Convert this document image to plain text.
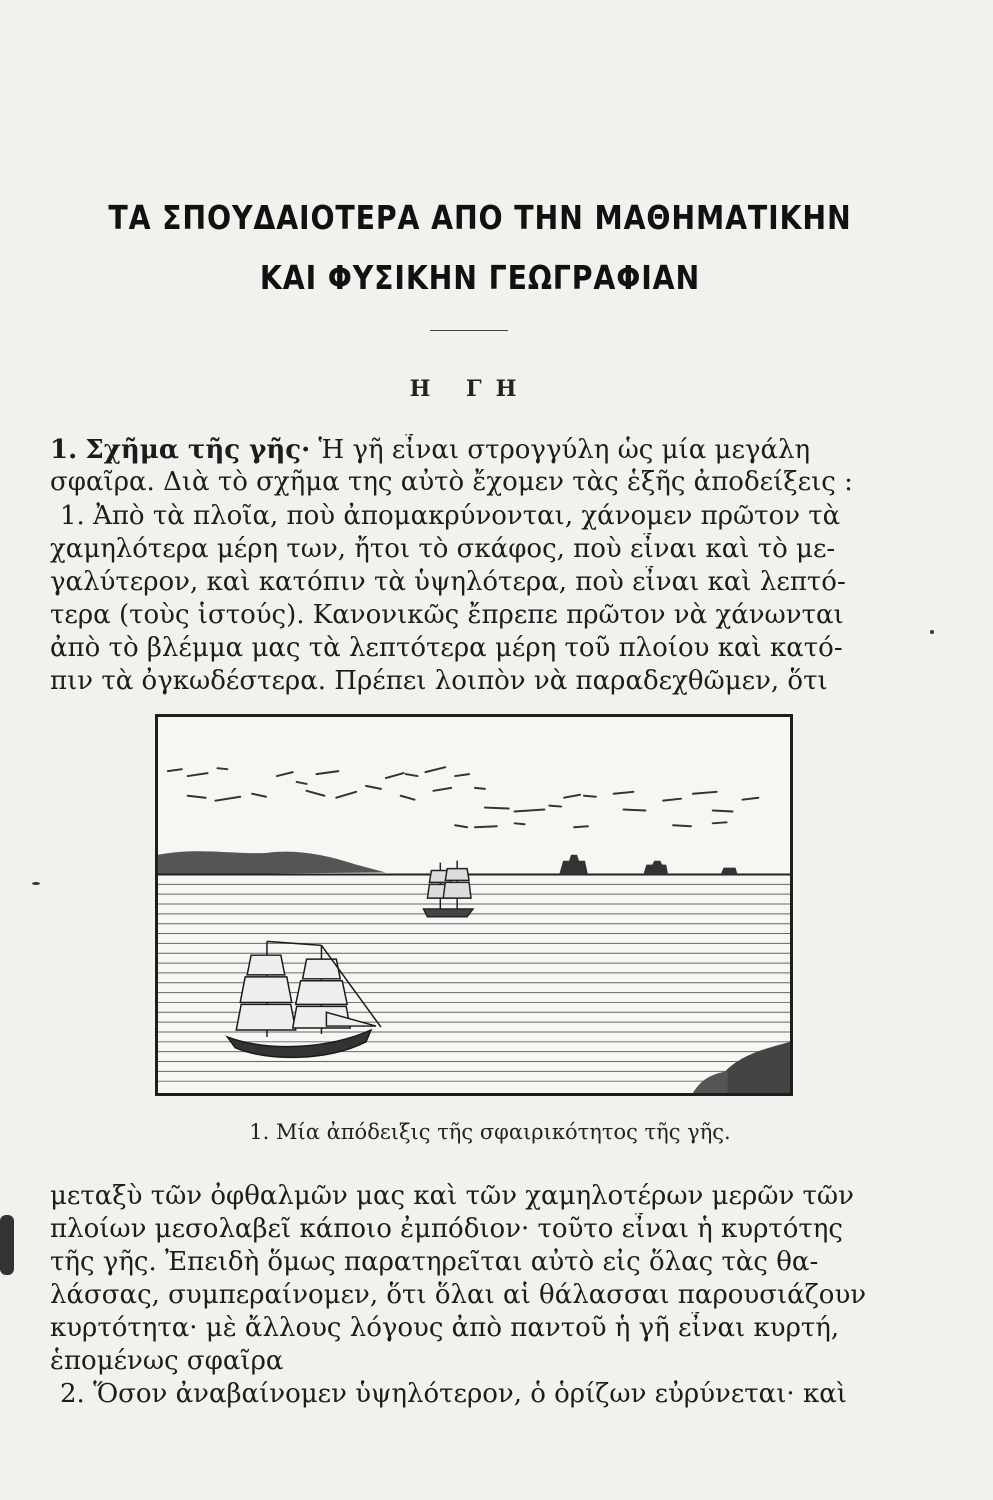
ΤΑ ΣΠΟΥΔΑΙΟΤΕΡΑ ΑΠΟ ΤΗΝ ΜΑΘΗΜΑΤΙΚΗΝ
ΚΑΙ ΦΥΣΙΚΗΝ ΓΕΩΓΡΑΦΙΑΝ
Η ΓΗ
1. Σχῆμα τῆς γῆς· Ἡ γῆ εἶναι στρογγύλη ὡς μία μεγάλη
σφαῖρα. Διὰ τὸ σχῆμα της αὐτὸ ἔχομεν τὰς ἑξῆς ἀποδείξεις :
1. Ἀπὸ τὰ πλοῖα, ποὺ ἀπομακρύνονται, χάνομεν πρῶτον τὰ
χαμηλότερα μέρη των, ἤτοι τὸ σκάφος, ποὺ εἶναι καὶ τὸ με-
γαλύτερον, καὶ κατόπιν τὰ ὑψηλότερα, ποὺ εἶναι καὶ λεπτό-
τερα (τοὺς ἱστούς). Κανονικῶς ἔπρεπε πρῶτον νὰ χάνωνται
ἀπὸ τὸ βλέμμα μας τὰ λεπτότερα μέρη τοῦ πλοίου καὶ κατό-
πιν τὰ ὀγκωδέστερα. Πρέπει λοιπὸν νὰ παραδεχθῶμεν, ὅτι
1. Μία ἀπόδειξις τῆς σφαιρικότητος τῆς γῆς.
μεταξὺ τῶν ὀφθαλμῶν μας καὶ τῶν χαμηλοτέρων μερῶν τῶν
πλοίων μεσολαβεῖ κάποιο ἐμπόδιον· τοῦτο εἶναι ἡ κυρτότης
τῆς γῆς. Ἐπειδὴ ὅμως παρατηρεῖται αὐτὸ εἰς ὅλας τὰς θα-
λάσσας, συμπεραίνομεν, ὅτι ὅλαι αἱ θάλασσαι παρουσιάζουν
κυρτότητα· μὲ ἄλλους λόγους ἀπὸ παντοῦ ἡ γῆ εἶναι κυρτή,
ἑπομένως σφαῖρα
2. Ὅσον ἀναβαίνομεν ὑψηλότερον, ὁ ὁρίζων εὐρύνεται· καὶ
